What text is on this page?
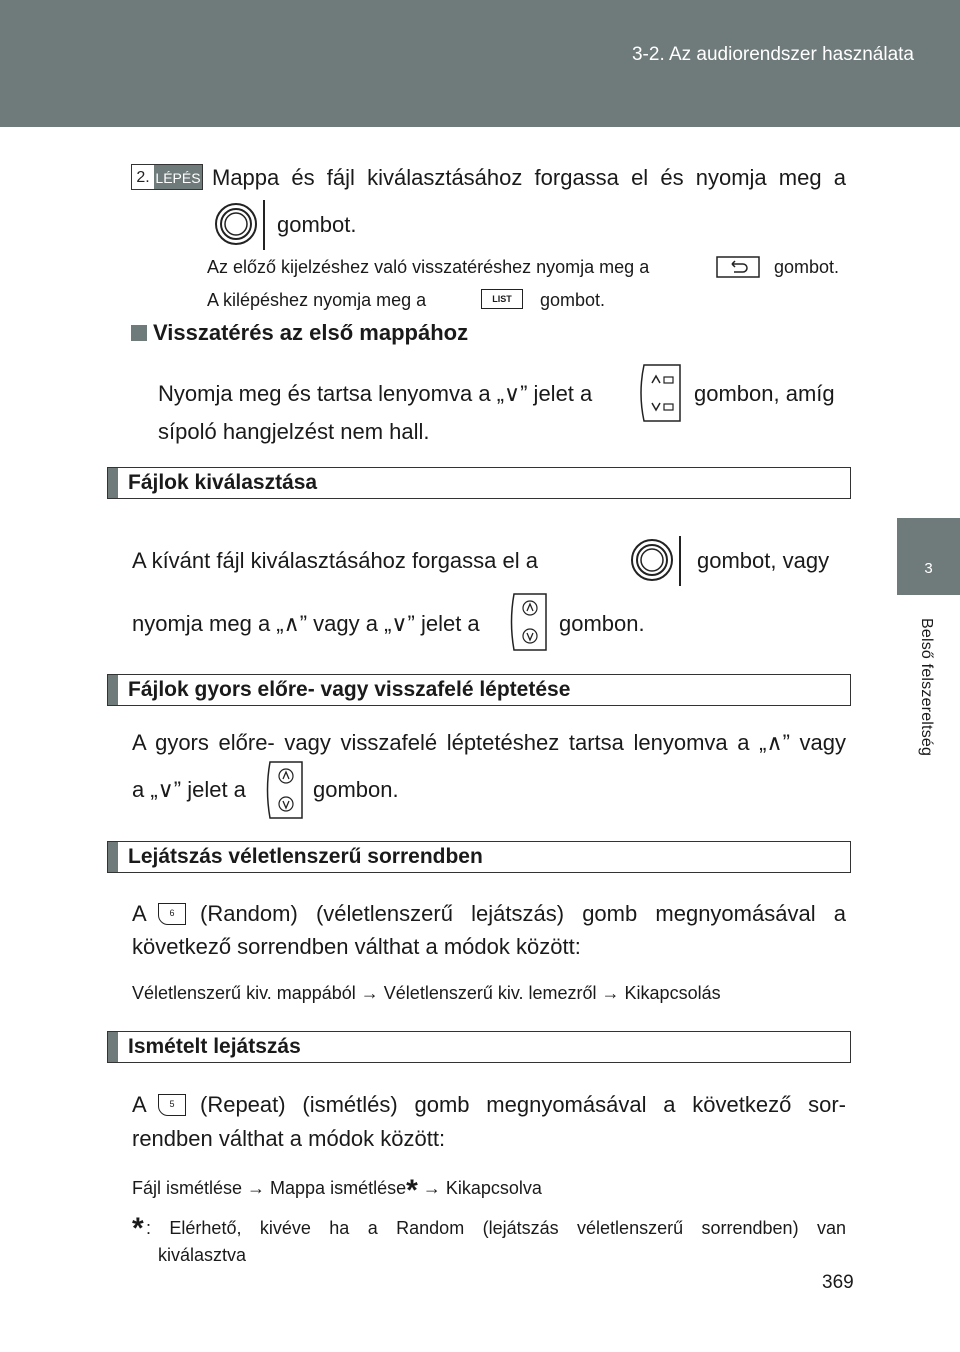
3-2. Az audiorendszer használata
3
Belső felszereltség
2. LÉPÉS Mappa és fájl kiválasztásához forgassa el és nyomja meg a
gombot.
Az előző kijelzéshez való visszatéréshez nyomja meg a	gombot.
A kilépéshez nyomja meg a	LIST	gombot.
Visszatérés az első mappához
Nyomja meg és tartsa lenyomva a „∨” jelet a	gombon, amíg
sípoló hangjelzést nem hall.
Fájlok kiválasztása
A kívánt fájl kiválasztásához forgassa el a	gombot, vagy
nyomja meg a „∧” vagy a „∨” jelet a	gombon.
Fájlok gyors előre- vagy visszafelé léptetése
A gyors előre- vagy visszafelé léptetéshez tartsa lenyomva a „∧” vagy
a „∨” jelet a	gombon.
Lejátszás véletlenszerű sorrendben
A	6	(Random) (véletlenszerű lejátszás) gomb megnyomásával a
következő sorrendben válthat a módok között:
Véletlenszerű kiv. mappából → Véletlenszerű kiv. lemezről → Kikapcsolás
Ismételt lejátszás
A	5	(Repeat) (ismétlés) gomb megnyomásával a következő sor-
rendben válthat a módok között:
Fájl ismétlése → Mappa ismétlése* → Kikapcsolva
* : Elérhető, kivéve ha a Random (lejátszás véletlenszerű sorrendben) van
kiválasztva
369
